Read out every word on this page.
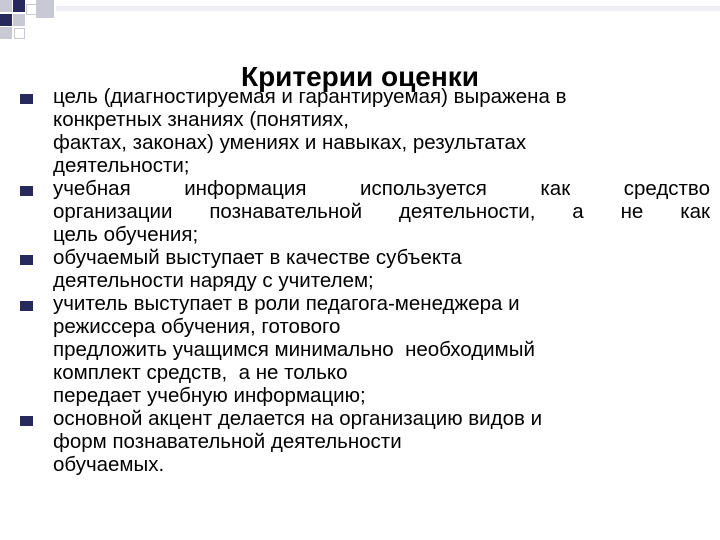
Критерии оценки
цель (диагностируемая и гарантируемая) выражена в
конкретных знаниях (понятиях,
фактах, законах) умениях и навыках, результатах
деятельности;
учебная информация используется как средство
организации познавательной деятельности, а не как
цель обучения;
обучаемый выступает в качестве субъекта
деятельности наряду с учителем;
учитель выступает в роли педагога-менеджера и
режиссера обучения, готового
предложить учащимся минимально  необходимый
комплект средств,  а не только
передает учебную информацию;
основной акцент делается на организацию видов и
форм познавательной деятельности
обучаемых.
